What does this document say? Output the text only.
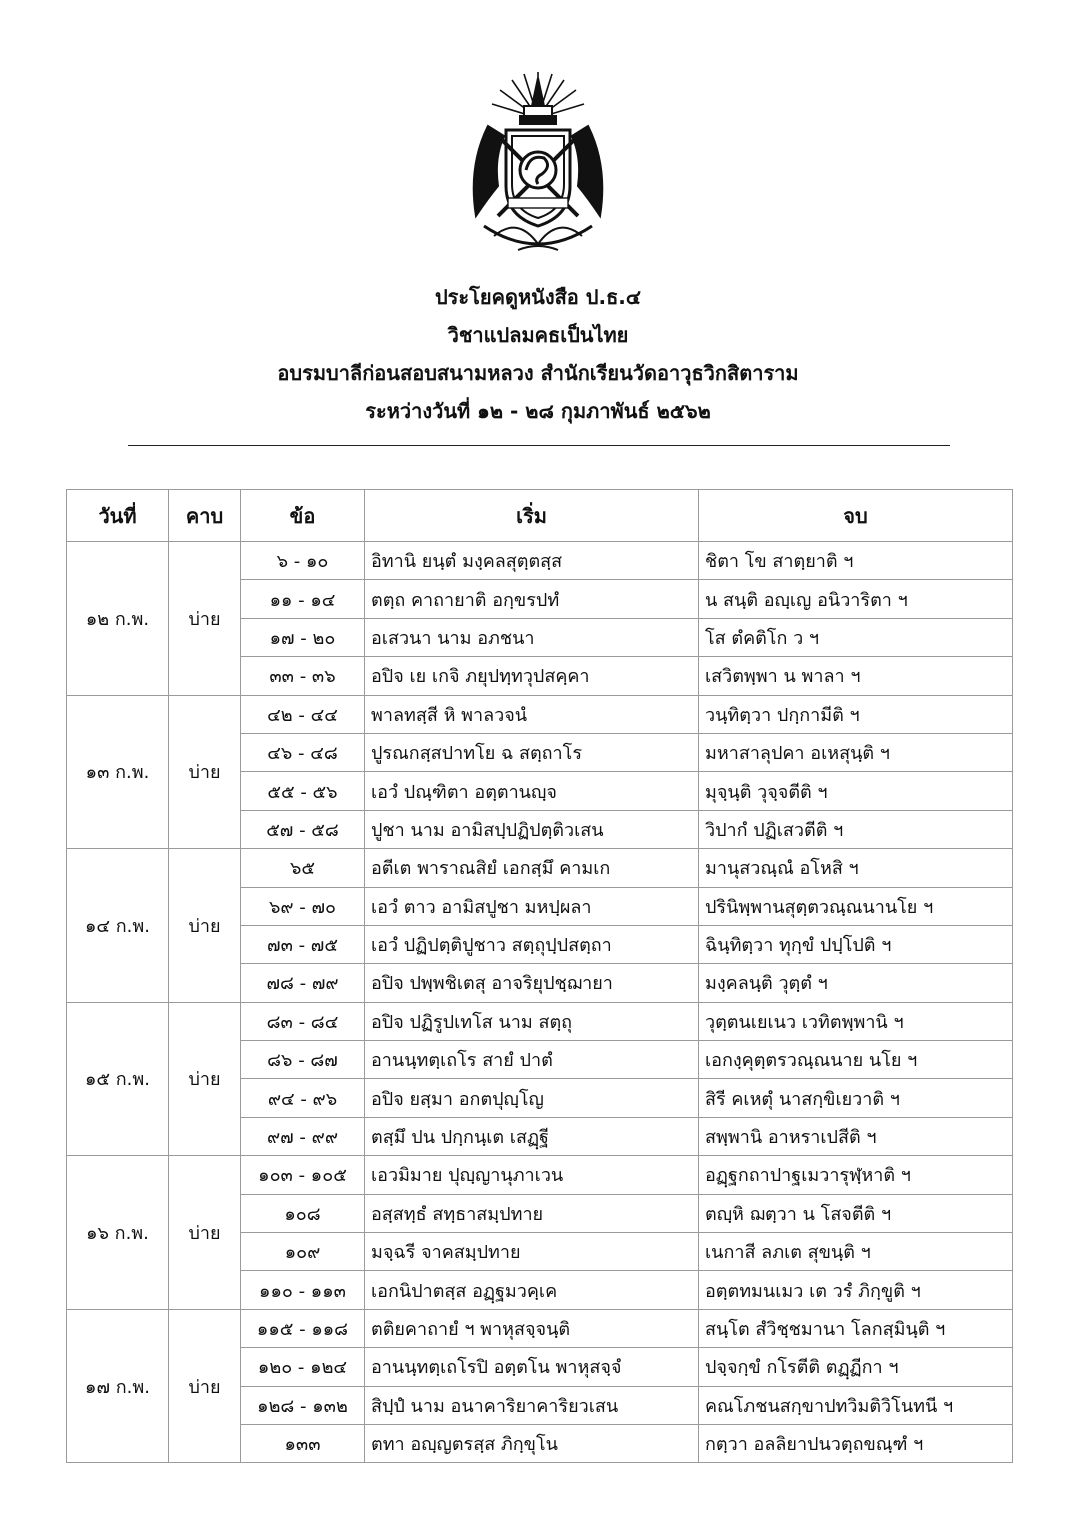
ประโยคดูหนังสือ ป.ธ.๔
วิชาแปลมคธเป็นไทย
อบรมบาลีก่อนสอบสนามหลวง สำนักเรียนวัดอาวุธวิกสิตาราม
ระหว่างวันที่ ๑๒ - ๒๘ กุมภาพันธ์ ๒๕๖๒
วันที่	คาบ	ข้อ	เริ่ม	จบ
๑๒ ก.พ.	บ่าย	๖ - ๑๐	อิทานิ ยนฺตํ มงฺคลสุตฺตสฺส	ชิตา โข สาตฺยาติ ฯ
		๑๑ - ๑๔	ตตฺถ คาถายาติ อกฺขรปทํ	น สนฺติ อญฺเญ อนิวาริตา ฯ
		๑๗ - ๒๐	อเสวนา นาม อภชนา	โส ตํคติโก ว ฯ
		๓๓ - ๓๖	อปิจ เย เกจิ ภยุปทฺทวุปสคฺคา	เสวิตพฺพา น พาลา ฯ
๑๓ ก.พ.	บ่าย	๔๒ - ๔๔	พาลทสฺสี หิ พาลวจนํ	วนฺทิตฺวา ปกฺกามีติ ฯ
		๔๖ - ๔๘	ปูรณกสฺสปาทโย ฉ สตฺถาโร	มหาสาลุปคา อเหสุนฺติ ฯ
		๕๕ - ๕๖	เอวํ ปณฺฑิตา อตฺตานญฺจ	มุจฺนฺติ วุจฺจตีติ ฯ
		๕๗ - ๕๘	ปูชา นาม อามิสปฺปฏิปตฺติวเสน	วิปากํ ปฏิเสวตีติ ฯ
๑๔ ก.พ.	บ่าย	๖๕	อตีเต พาราณสิยํ เอกสฺมึ คามเก	มานุสวณฺณํ อโหสิ ฯ
		๖๙ - ๗๐	เอวํ ตาว อามิสปูชา มหปฺผลา	ปรินิพฺพานสุตฺตวณฺณนานโย ฯ
		๗๓ - ๗๕	เอวํ ปฏิปตฺติปูชาว สตฺถุปฺปสตฺถา	ฉินฺทิตฺวา ทุกฺขํ ปปฺโปติ ฯ
		๗๘ - ๗๙	อปิจ ปพฺพชิเตสุ อาจริยุปชฺฌายา	มงฺคลนฺติ วุตฺตํ ฯ
๑๕ ก.พ.	บ่าย	๘๓ - ๘๔	อปิจ ปฏิรูปเทโส นาม สตฺถุ	วุตฺตนเยเนว เวทิตพฺพานิ ฯ
		๘๖ - ๘๗	อานนฺทตฺเถโร สายํ ปาตํ	เอกงฺคุตฺตรวณฺณนาย นโย ฯ
		๙๔ - ๙๖	อปิจ ยสฺมา อกตปุญฺโญ	สิรี คเหตุํ นาสกฺขิเยวาติ ฯ
		๙๗ - ๙๙	ตสฺมึ ปน ปกฺกนฺเต เสฏฺฐี	สพฺพานิ อาหราเปสีติ ฯ
๑๖ ก.พ.	บ่าย	๑๐๓ - ๑๐๕	เอวมิมาย ปุญฺญานุภาเวน	อฏฺฐกถาปาฐเมวารุฬฺหาติ ฯ
		๑๐๘	อสฺสทฺธํ สทฺธาสมฺปทาย	ตญฺหิ ฌตฺวา น โสจตีติ ฯ
		๑๐๙	มจฺฉรี จาคสมฺปทาย	เนกาสี ลภเต สุขนฺติ ฯ
		๑๑๐ - ๑๑๓	เอกนิปาตสฺส อฏฺฐมวคฺเค	อตฺตทมนเมว เต วรํ ภิกฺขูติ ฯ
๑๗ ก.พ.	บ่าย	๑๑๕ - ๑๑๘	ตติยคาถายํ ฯ พาหุสจฺจนฺติ	สนฺโต สํวิชฺชมานา โลกสฺมินฺติ ฯ
		๑๒๐ - ๑๒๔	อานนฺทตฺเถโรปิ อตฺตโน พาหุสจฺจํ	ปจฺจกฺขํ กโรตีติ ตฏฺฏีกา ฯ
		๑๒๘ - ๑๓๒	สิปฺปํ นาม อนาคาริยาคาริยวเสน	คณโภชนสกฺขาปทวิมติวิโนทนี ฯ
		๑๓๓	ตทา อญฺญตรสฺส ภิกฺขุโน	กตฺวา อลลิยาปนวตฺถขณฺฑํ ฯ
